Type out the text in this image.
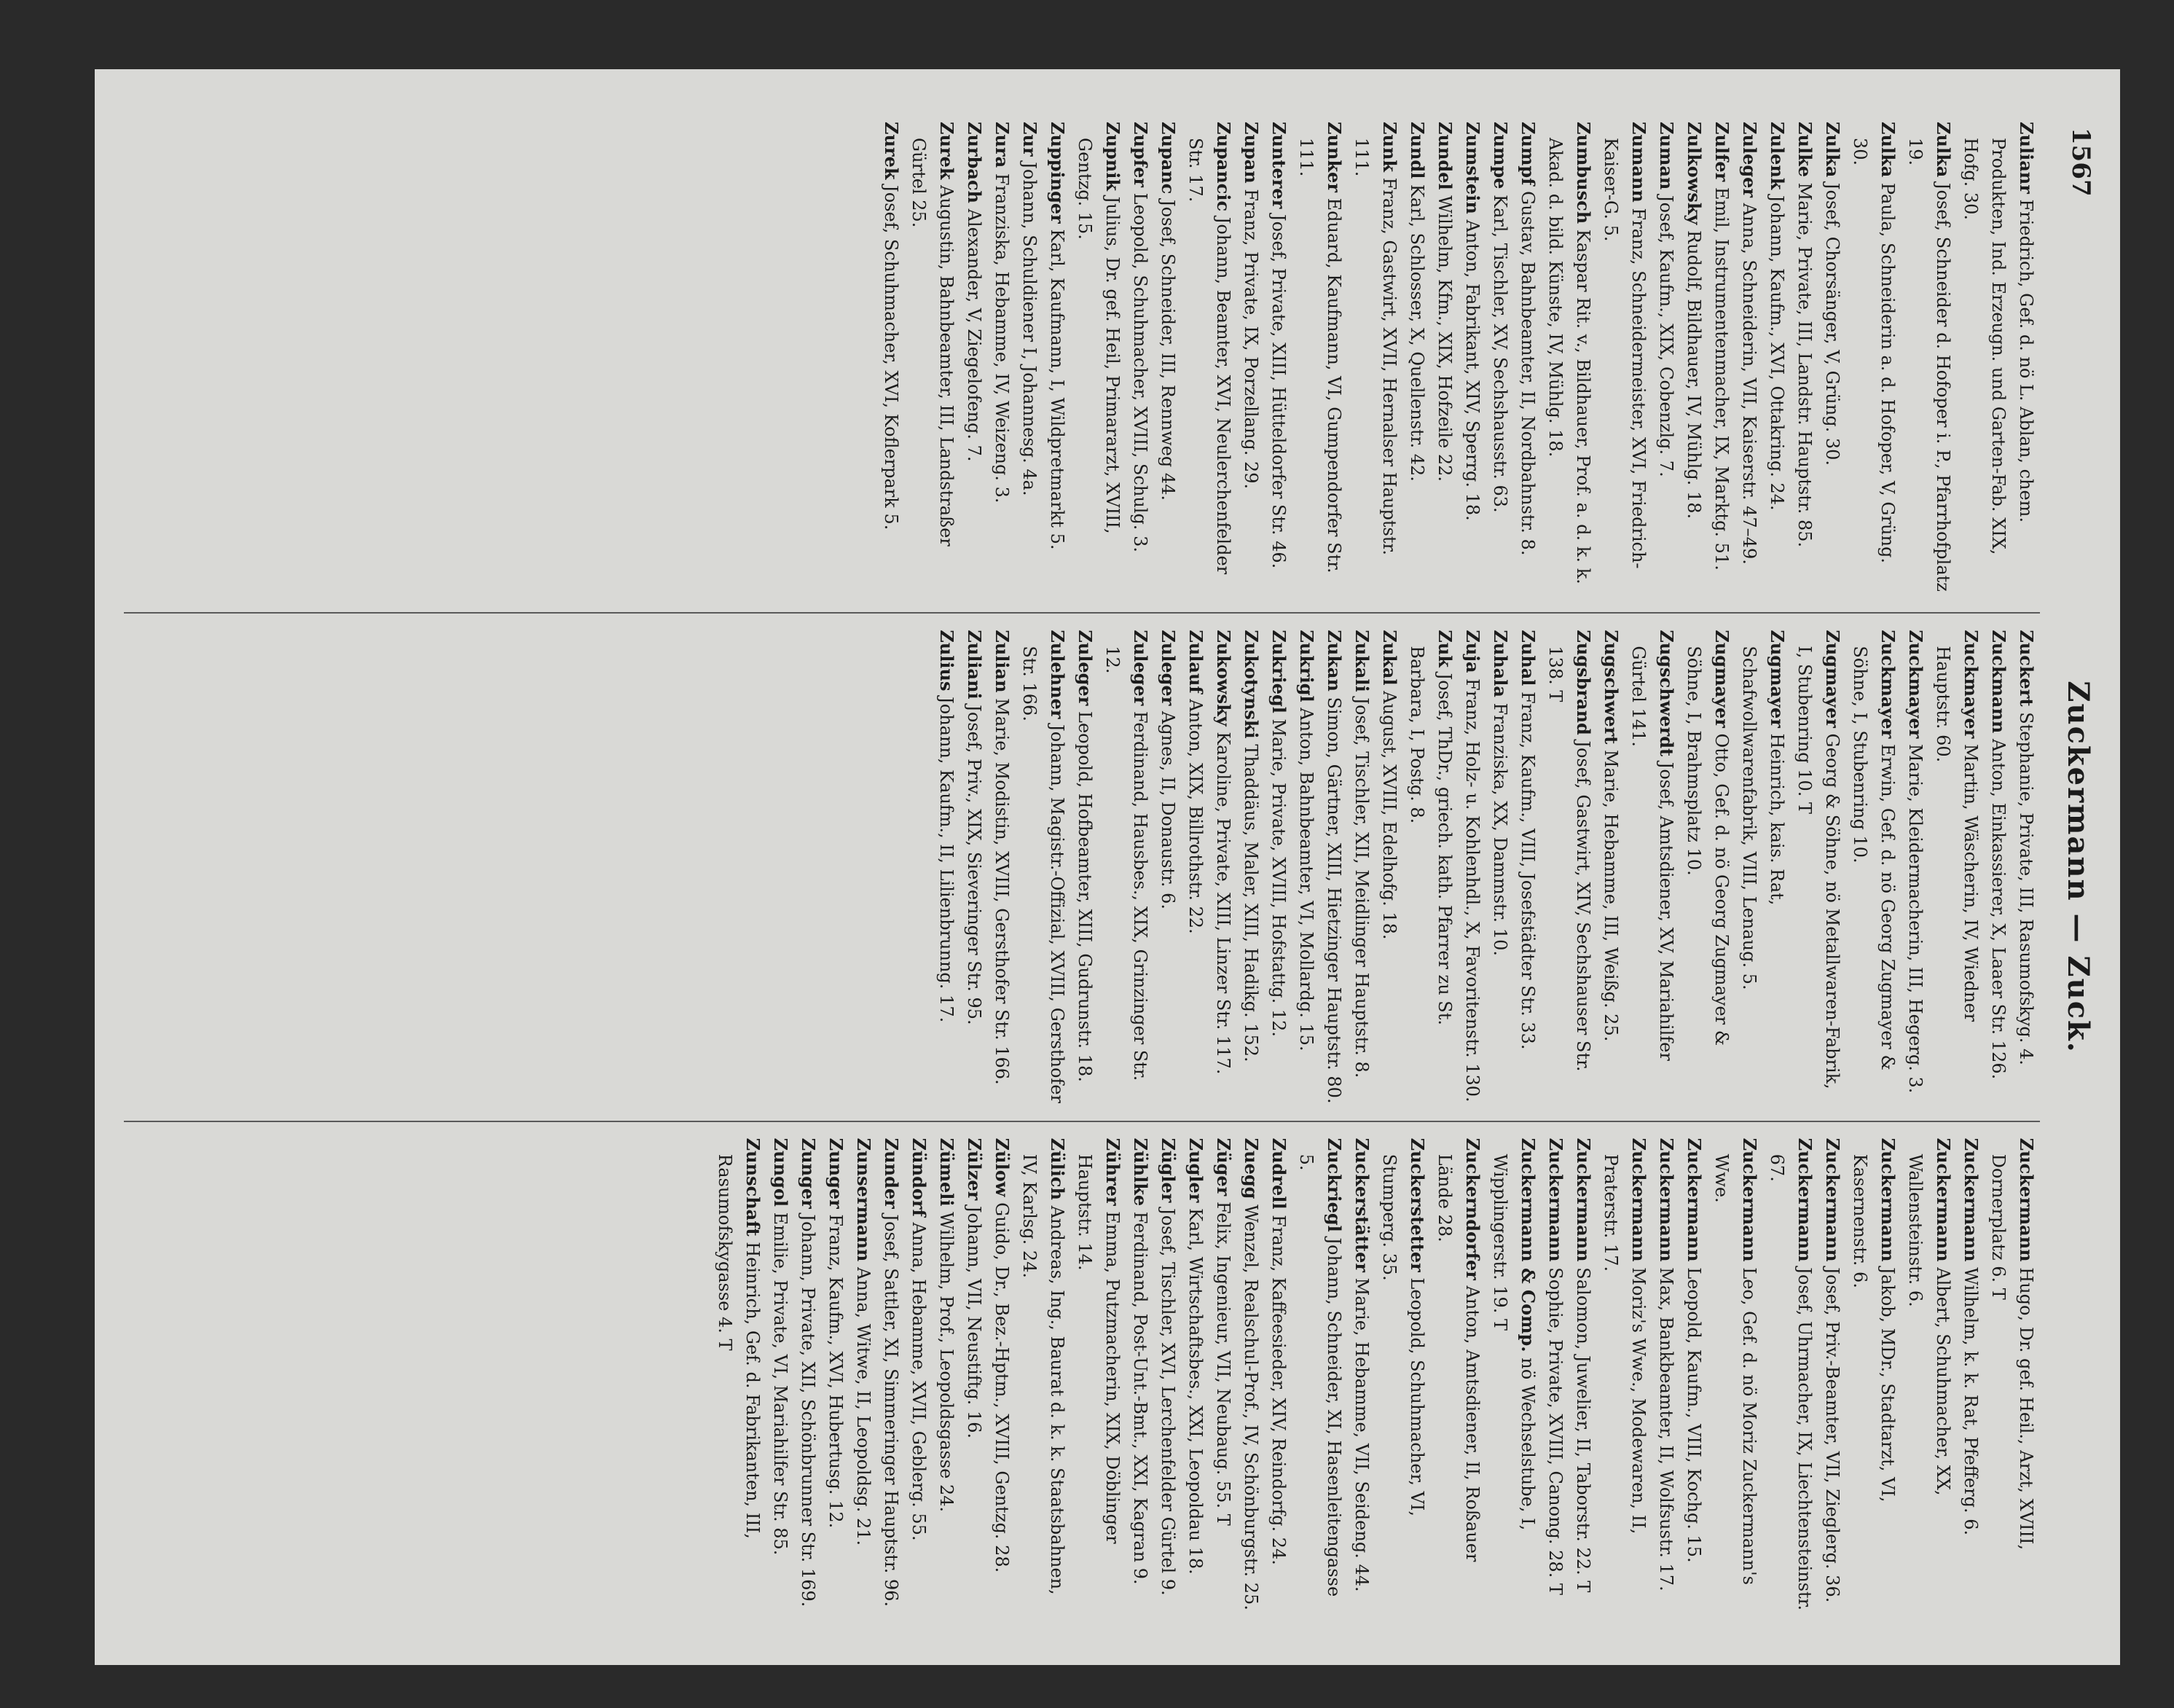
1567
Zuckermann — Zuck.

Zulianr Friedrich, Gef. d. nö L. Ablan, chem. Produkten, Ind. Erzeugn. und Garten-Fab. XIX, Hofg. 30.

Zulka Josef, Schneider d. Hofoper i. P., Pfarrhofplatz 19.

Zulka Paula, Schneiderin a. d. Hofoper, V, Grüng. 30.

Zulka Josef, Chorsänger, V, Grüng. 30.

Zulke Marie, Private, III, Landstr. Hauptstr. 85.

Zulenk Johann, Kaufm., XVI, Ottakring. 24.

Zuleger Anna, Schneiderin, VII, Kaiserstr. 47–49.

Zulfer Emil, Instrumentenmacher, IX, Marktg. 51.

Zulkowsky Rudolf, Bildhauer, IV, Mühlg. 18.

Zuman Josef, Kaufm., XIX, Cobenzlg. 7.

Zumann Franz, Schneidermeister, XVI, Friedrich-Kaiser-G. 5.

Zumbusch Kaspar Rit. v., Bildhauer, Prof. a. d. k. k. Akad. d. bild. Künste, IV, Mühlg. 18.

Zumpf Gustav, Bahnbeamter, II, Nordbahnstr. 8.

Zumpe Karl, Tischler, XV, Sechshausstr. 63.

Zumstein Anton, Fabrikant, XIV, Sperrg. 18.

Zundel Wilhelm, Kfm., XIX, Hofzeile 22.

Zundl Karl, Schlosser, X, Quellenstr. 42.

Zunk Franz, Gastwirt, XVII, Hernalser Hauptstr. 111.

Zunker Eduard, Kaufmann, VI, Gumpendorfer Str. 111.

Zunterer Josef, Private, XIII, Hütteldorfer Str. 46.

Zupan Franz, Private, IX, Porzellang. 29.

Zupancic Johann, Beamter, XVI, Neulerchenfelder Str. 17.

Zupanc Josef, Schneider, III, Rennweg 44.

Zupfer Leopold, Schuhmacher, XVIII, Schulg. 3.

Zupnik Julius, Dr. gef. Heil, Primararzt, XVIII, Gentzg. 15.

Zuppinger Karl, Kaufmann, I, Wildpretmarkt 5.

Zur Johann, Schuldiener I, Johannesg. 4a.

Zura Franziska, Hebamme, IV, Weizeng. 3.

Zurbach Alexander, V, Ziegelofeng. 7.

Zurek Augustin, Bahnbeamter, III, Landstraßer Gürtel 25.

Zurek Josef, Schuhmacher, XVI, Koflerpark 5.

Zuckert Stephanie, Private, III, Rasumofskyg. 4.

Zuckmann Anton, Einkassierer, X, Laaer Str. 126.

Zuckmayer Martin, Wäscherin, IV, Wiedner Hauptstr. 60.

Zuckmayer Marie, Kleidermacherin, III, Hegerg. 3.

Zuckmayer Erwin, Gef. d. nö Georg Zugmayer & Söhne, I, Stubenring 10.

Zugmayer Georg & Söhne, nö Metallwaren-Fabrik, I, Stubenring 10. T

Zugmayer Heinrich, kais. Rat, Schafwollwarenfabrik, VIII, Lenaug. 5.

Zugmayer Otto, Gef. d. nö Georg Zugmayer & Söhne, I, Brahmsplatz 10.

Zugschwerdt Josef, Amtsdiener, XV, Mariahilfer Gürtel 141.

Zugschwert Marie, Hebamme, III, Weißg. 25.

Zugsbrand Josef, Gastwirt, XIV, Sechshauser Str. 138. T

Zuhal Franz, Kaufm., VIII, Josefstädter Str. 33.

Zuhala Franziska, XX, Dammstr. 10.

Zuja Franz, Holz- u. Kohlenhdl., X, Favoritenstr. 130.

Zuk Josef, ThDr., griech. kath. Pfarrer zu St. Barbara, I, Postg. 8.

Zukal August, XVIII, Edelhofg. 18.

Zukali Josef, Tischler, XII, Meidlinger Hauptstr. 8.

Zukan Simon, Gärtner, XIII, Hietzinger Hauptstr. 80.

Zukrigl Anton, Bahnbeamter, VI, Mollardg. 15.

Zukriegl Marie, Private, XVIII, Hofstattg. 12.

Zukotynski Thaddäus, Maler, XIII, Hadikg. 152.

Zukowsky Karoline, Private, XIII, Linzer Str. 117.

Zulauf Anton, XIX, Billrothstr. 22.

Zuleger Agnes, II, Donaustr. 6.

Zuleger Ferdinand, Hausbes., XIX, Grinzinger Str. 12.

Zuleger Leopold, Hofbeamter, XIII, Gudrunstr. 18.

Zulehner Johann, Magistr.-Offizial, XVIII, Gersthofer Str. 166.

Zulian Marie, Modistin, XVIII, Gersthofer Str. 166.

Zuliani Josef, Priv., XIX, Sieveringer Str. 95.

Zulius Johann, Kaufm., II, Lilienbrunng. 17.

Zuckermann Hugo, Dr. gef. Heil., Arzt, XVIII, Dornerplatz 6. T

Zuckermann Wilhelm, k. k. Rat, Pfefferg. 6.

Zuckermann Albert, Schuhmacher, XX, Wallensteinstr. 6.

Zuckermann Jakob, MDr., Stadtarzt, VI, Kasernenstr. 6.

Zuckermann Josef, Priv.-Beamter, VII, Zieglerg. 36.

Zuckermann Josef, Uhrmacher, IX, Liechtensteinstr. 67.

Zuckermann Leo, Gef. d. nö Moriz Zuckermann's Wwe.

Zuckermann Leopold, Kaufm., VIII, Kochg. 15.

Zuckermann Max, Bankbeamter, II, Wolfsustr. 17.

Zuckermann Moriz's Wwe., Modewaren, II, Praterstr. 17.

Zuckermann Salomon, Juwelier, II, Taborstr. 22. T

Zuckermann Sophie, Private, XVIII, Canong. 28. T

Zuckermann & Comp. nö Wechselstube, I, Wipplingerstr. 19. T

Zuckerndorfer Anton, Amtsdiener, II, Roßauer Lände 28.

Zuckerstetter Leopold, Schuhmacher, VI, Stumperg. 35.

Zuckerstätter Marie, Hebamme, VII, Seideng. 44.

Zuckriegl Johann, Schneider, XI, Hasenleitengasse 5.

Zudrell Franz, Kaffeesieder, XIV, Reindorfg. 24.

Zuegg Wenzel, Realschul-Prof., IV, Schönburgstr. 25.

Züger Felix, Ingenieur, VII, Neubaug. 55. T

Zugler Karl, Wirtschaftsbes., XXI, Leopoldau 18.

Zügler Josef, Tischler, XVI, Lerchenfelder Gürtel 9.

Zühlke Ferdinand, Post-Unt.-Bmt., XXI, Kagran 9.

Zührer Emma, Putzmacherin, XIX, Döblinger Hauptstr. 14.

Zülich Andreas, Ing., Baurat d. k. k. Staatsbahnen, IV, Karlsg. 24.

Zülow Guido, Dr., Bez.-Hptm., XVIII, Gentzg. 28.

Zülzer Johann, VII, Neustiftg. 16.

Zümeli Wilhelm, Prof., Leopoldsgasse 24.

Zündorf Anna, Hebamme, XVII, Geblerg. 55.

Zunder Josef, Sattler, XI, Simmeringer Hauptstr. 96.

Zunsermann Anna, Witwe, II, Leopoldsg. 21.

Zunger Franz, Kaufm., XVI, Hubertusg. 12.

Zunger Johann, Private, XII, Schönbrunner Str. 169.

Zungol Emilie, Private, VI, Mariahilfer Str. 85.

Zunschaft Heinrich, Gef. d. Fabrikanten, III, Rasumofskygasse 4. T
